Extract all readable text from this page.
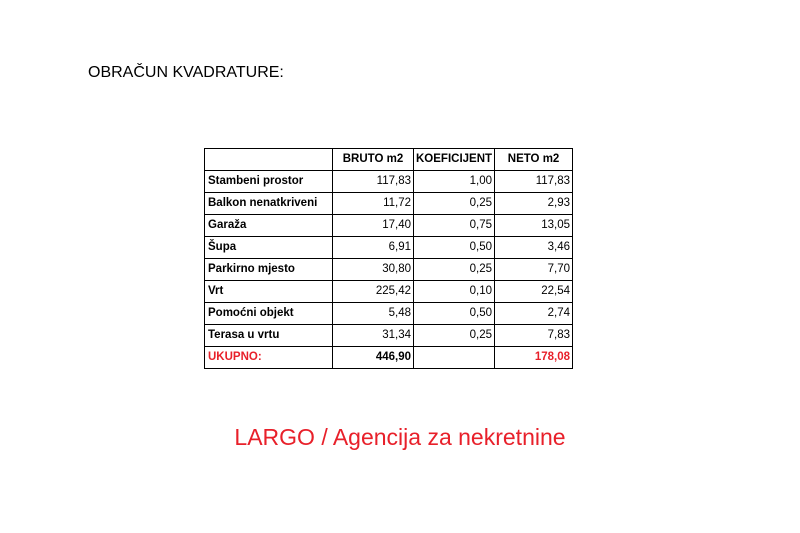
OBRAČUN KVADRATURE:
	BRUTO m2	KOEFICIJENT	NETO m2
Stambeni prostor	117,83	1,00	117,83
Balkon nenatkriveni	11,72	0,25	2,93
Garaža	17,40	0,75	13,05
Šupa	6,91	0,50	3,46
Parkirno mjesto	30,80	0,25	7,70
Vrt	225,42	0,10	22,54
Pomoćni objekt	5,48	0,50	2,74
Terasa u vrtu	31,34	0,25	7,83
UKUPNO:	446,90		178,08
LARGO / Agencija za nekretnine
